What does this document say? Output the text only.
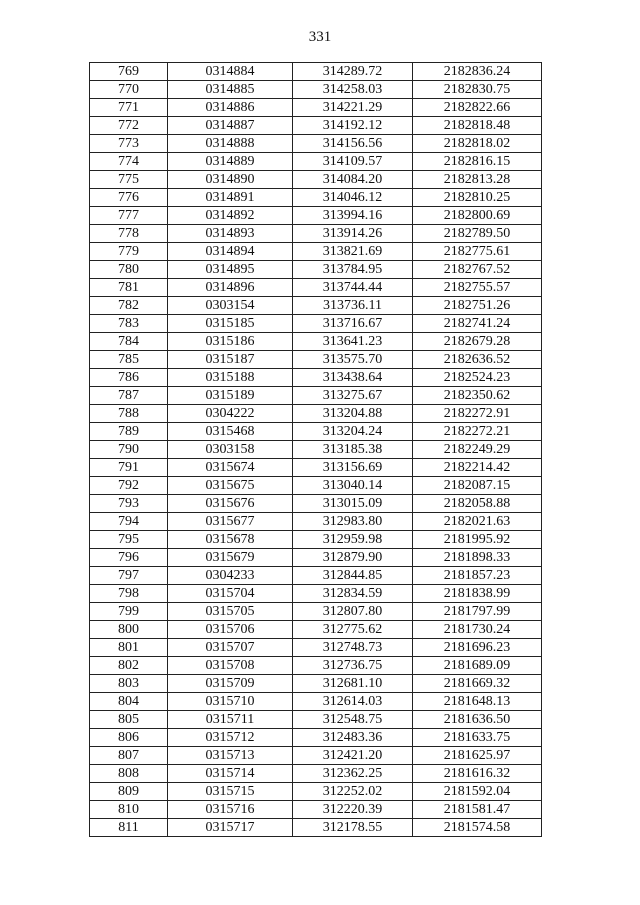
331
769	0314884	314289.72	2182836.24
770	0314885	314258.03	2182830.75
771	0314886	314221.29	2182822.66
772	0314887	314192.12	2182818.48
773	0314888	314156.56	2182818.02
774	0314889	314109.57	2182816.15
775	0314890	314084.20	2182813.28
776	0314891	314046.12	2182810.25
777	0314892	313994.16	2182800.69
778	0314893	313914.26	2182789.50
779	0314894	313821.69	2182775.61
780	0314895	313784.95	2182767.52
781	0314896	313744.44	2182755.57
782	0303154	313736.11	2182751.26
783	0315185	313716.67	2182741.24
784	0315186	313641.23	2182679.28
785	0315187	313575.70	2182636.52
786	0315188	313438.64	2182524.23
787	0315189	313275.67	2182350.62
788	0304222	313204.88	2182272.91
789	0315468	313204.24	2182272.21
790	0303158	313185.38	2182249.29
791	0315674	313156.69	2182214.42
792	0315675	313040.14	2182087.15
793	0315676	313015.09	2182058.88
794	0315677	312983.80	2182021.63
795	0315678	312959.98	2181995.92
796	0315679	312879.90	2181898.33
797	0304233	312844.85	2181857.23
798	0315704	312834.59	2181838.99
799	0315705	312807.80	2181797.99
800	0315706	312775.62	2181730.24
801	0315707	312748.73	2181696.23
802	0315708	312736.75	2181689.09
803	0315709	312681.10	2181669.32
804	0315710	312614.03	2181648.13
805	0315711	312548.75	2181636.50
806	0315712	312483.36	2181633.75
807	0315713	312421.20	2181625.97
808	0315714	312362.25	2181616.32
809	0315715	312252.02	2181592.04
810	0315716	312220.39	2181581.47
811	0315717	312178.55	2181574.58
